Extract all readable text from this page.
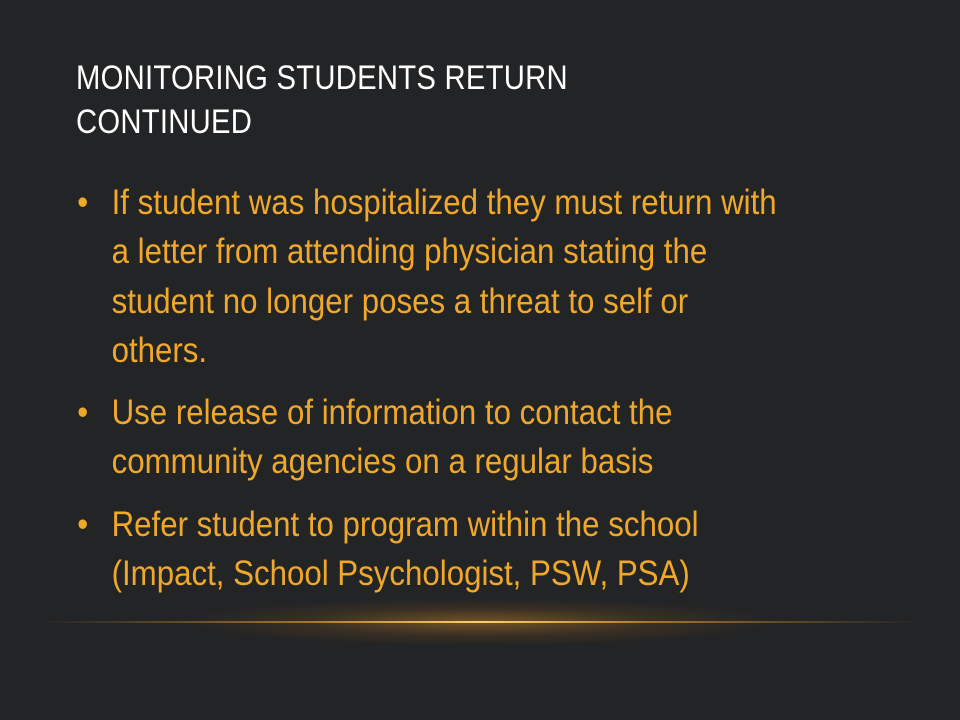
MONITORING STUDENTS RETURN
CONTINUED
• If student was hospitalized they must return with
a letter from attending physician stating the
student no longer poses a threat to self or
others.
• Use release of information to contact the
community agencies on a regular basis
• Refer student to program within the school
(Impact, School Psychologist, PSW, PSA)
